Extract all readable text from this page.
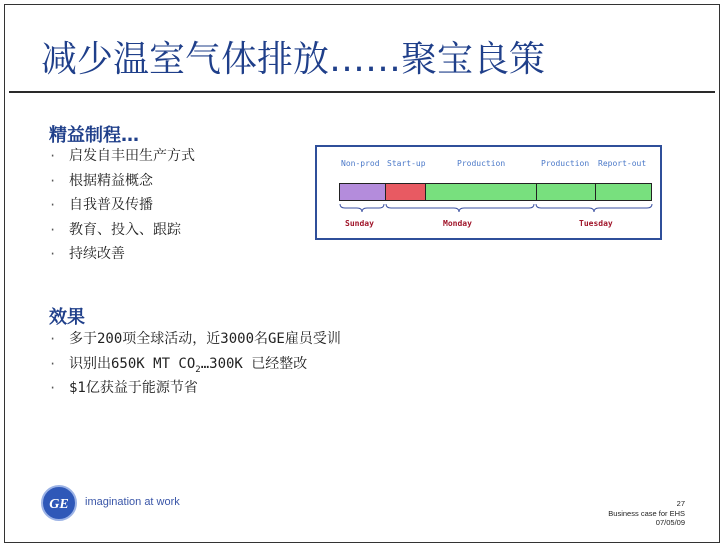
减少温室气体排放……聚宝良策
精益制程…
· 启发自丰田生产方式
· 根据精益概念
· 自我普及传播
· 教育、投入、跟踪
· 持续改善
效果
· 多于200项全球活动，近3000名GE雇员受训
· 识别出650K MT $CO_2\dots 300K$ 已经整改
· $1亿获益于能源节省
Non-prod Start-up	Production	Production Report-out
Sunday	Monday	Tuesday
GE imagination at work	27
Business case for EHS
07/05/09
